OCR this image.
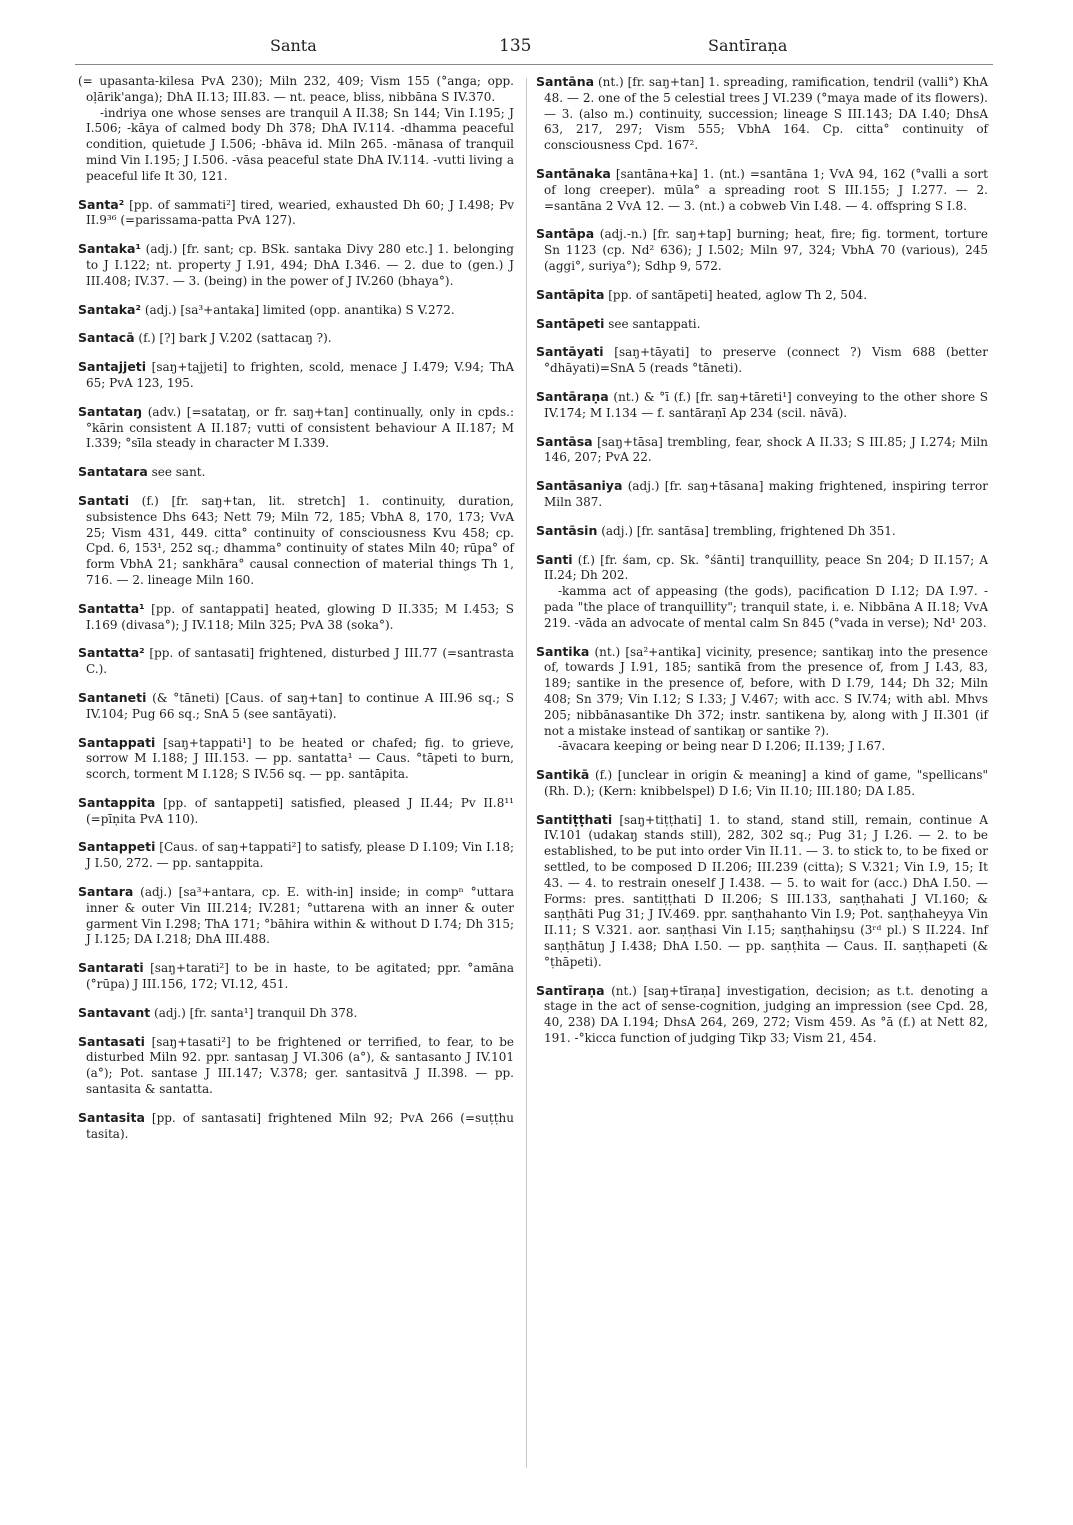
Santa	135	Santīraṇa

(= upasanta-kilesa PvA 230); Miln 232, 409; Vism 155 (°anga; opp. oḷārik'anga); DhA II.13; III.83. — nt. peace, bliss, nibbāna S IV.370.

-indriya one whose senses are tranquil A II.38; Sn 144; Vin I.195; J I.506; -kāya of calmed body Dh 378; DhA IV.114. -dhamma peaceful condition, quietude J I.506; -bhāva id. Miln 265. -mānasa of tranquil mind Vin I.195; J I.506. -vāsa peaceful state DhA IV.114. -vutti living a peaceful life It 30, 121.

Santa² [pp. of sammati²] tired, wearied, exhausted Dh 60; J I.498; Pv II.9³⁶ (=parissama-patta PvA 127).

Santaka¹ (adj.) [fr. sant; cp. BSk. santaka Divy 280 etc.] 1. belonging to J I.122; nt. property J I.91, 494; DhA I.346. — 2. due to (gen.) J III.408; IV.37. — 3. (being) in the power of J IV.260 (bhaya°).

Santaka² (adj.) [sa³+antaka] limited (opp. anantika) S V.272.

Santacā (f.) [?] bark J V.202 (sattacaŋ ?).

Santajjeti [saŋ+tajjeti] to frighten, scold, menace J I.479; V.94; ThA 65; PvA 123, 195.

Santataŋ (adv.) [=satataŋ, or fr. saŋ+tan] continually, only in cpds.: °kārin consistent A II.187; vutti of consistent behaviour A II.187; M I.339; °sīla steady in character M I.339.

Santatara see sant.

Santati (f.) [fr. saŋ+tan, lit. stretch] 1. continuity, duration, subsistence Dhs 643; Nett 79; Miln 72, 185; VbhA 8, 170, 173; VvA 25; Vism 431, 449. citta° continuity of consciousness Kvu 458; cp. Cpd. 6, 153¹, 252 sq.; dhamma° continuity of states Miln 40; rūpa° of form VbhA 21; sankhāra° causal connection of material things Th 1, 716. — 2. lineage Miln 160.

Santatta¹ [pp. of santappati] heated, glowing D II.335; M I.453; S I.169 (divasa°); J IV.118; Miln 325; PvA 38 (soka°).

Santatta² [pp. of santasati] frightened, disturbed J III.77 (=santrasta C.).

Santaneti (& °tāneti) [Caus. of saŋ+tan] to continue A III.96 sq.; S IV.104; Pug 66 sq.; SnA 5 (see santāyati).

Santappati [saŋ+tappati¹] to be heated or chafed; fig. to grieve, sorrow M I.188; J III.153. — pp. santatta¹ — Caus. °tāpeti to burn, scorch, torment M I.128; S IV.56 sq. — pp. santāpita.

Santappita [pp. of santappeti] satisfied, pleased J II.44; Pv II.8¹¹ (=pīṇita PvA 110).

Santappeti [Caus. of saŋ+tappati²] to satisfy, please D I.109; Vin I.18; J I.50, 272. — pp. santappita.

Santara (adj.) [sa³+antara, cp. E. with-in] inside; in compⁿ °uttara inner & outer Vin III.214; IV.281; °uttarena with an inner & outer garment Vin I.298; ThA 171; °bāhira within & without D I.74; Dh 315; J I.125; DA I.218; DhA III.488.

Santarati [saŋ+tarati²] to be in haste, to be agitated; ppr. °amāna (°rūpa) J III.156, 172; VI.12, 451.

Santavant (adj.) [fr. santa¹] tranquil Dh 378.

Santasati [saŋ+tasati²] to be frightened or terrified, to fear, to be disturbed Miln 92. ppr. santasaŋ J VI.306 (a°), & santasanto J IV.101 (a°); Pot. santase J III.147; V.378; ger. santasitvā J II.398. — pp. santasita & santatta.

Santasita [pp. of santasati] frightened Miln 92; PvA 266 (=suṭṭhu tasita).

Santāna (nt.) [fr. saŋ+tan] 1. spreading, ramification, tendril (valli°) KhA 48. — 2. one of the 5 celestial trees J VI.239 (°maya made of its flowers). — 3. (also m.) continuity, succession; lineage S III.143; DA I.40; DhsA 63, 217, 297; Vism 555; VbhA 164. Cp. citta° continuity of consciousness Cpd. 167².

Santānaka [santāna+ka] 1. (nt.) =santāna 1; VvA 94, 162 (°valli a sort of long creeper). mūla° a spreading root S III.155; J I.277. — 2. =santāna 2 VvA 12. — 3. (nt.) a cobweb Vin I.48. — 4. offspring S I.8.

Santāpa (adj.-n.) [fr. saŋ+tap] burning; heat, fire; fig. torment, torture Sn 1123 (cp. Nd² 636); J I.502; Miln 97, 324; VbhA 70 (various), 245 (aggi°, suriya°); Sdhp 9, 572.

Santāpita [pp. of santāpeti] heated, aglow Th 2, 504.

Santāpeti see santappati.

Santāyati [saŋ+tāyati] to preserve (connect ?) Vism 688 (better °dhāyati)=SnA 5 (reads °tāneti).

Santāraṇa (nt.) & °ī (f.) [fr. saŋ+tāreti¹] conveying to the other shore S IV.174; M I.134 — f. santāraṇī Ap 234 (scil. nāvā).

Santāsa [saŋ+tāsa] trembling, fear, shock A II.33; S III.85; J I.274; Miln 146, 207; PvA 22.

Santāsaniya (adj.) [fr. saŋ+tāsana] making frightened, inspiring terror Miln 387.

Santāsin (adj.) [fr. santāsa] trembling, frightened Dh 351.

Santi (f.) [fr. śam, cp. Sk. °śānti] tranquillity, peace Sn 204; D II.157; A II.24; Dh 202.

-kamma act of appeasing (the gods), pacification D I.12; DA I.97. -pada "the place of tranquillity"; tranquil state, i. e. Nibbāna A II.18; VvA 219. -vāda an advocate of mental calm Sn 845 (°vada in verse); Nd¹ 203.

Santika (nt.) [sa²+antika] vicinity, presence; santikaŋ into the presence of, towards J I.91, 185; santikā from the presence of, from J I.43, 83, 189; santike in the presence of, before, with D I.79, 144; Dh 32; Miln 408; Sn 379; Vin I.12; S I.33; J V.467; with acc. S IV.74; with abl. Mhvs 205; nibbānasantike Dh 372; instr. santikena by, along with J II.301 (if not a mistake instead of santikaŋ or santike ?).

-āvacara keeping or being near D I.206; II.139; J I.67.

Santikā (f.) [unclear in origin & meaning] a kind of game, "spellicans" (Rh. D.); (Kern: knibbelspel) D I.6; Vin II.10; III.180; DA I.85.

Santiṭṭhati [saŋ+tiṭṭhati] 1. to stand, stand still, remain, continue A IV.101 (udakaŋ stands still), 282, 302 sq.; Pug 31; J I.26. — 2. to be established, to be put into order Vin II.11. — 3. to stick to, to be fixed or settled, to be composed D II.206; III.239 (citta); S V.321; Vin I.9, 15; It 43. — 4. to restrain oneself J I.438. — 5. to wait for (acc.) DhA I.50. — Forms: pres. santiṭṭhati D II.206; S III.133, saṇṭhahati J VI.160; & saṇṭhāti Pug 31; J IV.469. ppr. saṇṭhahanto Vin I.9; Pot. saṇṭhaheyya Vin II.11; S V.321. aor. saṇṭhasi Vin I.15; saṇṭhahiŋsu (3ʳᵈ pl.) S II.224. Inf saṇṭhātuŋ J I.438; DhA I.50. — pp. saṇṭhita — Caus. II. saṇṭhapeti (& °ṭhāpeti).

Santīraṇa (nt.) [saŋ+tīraṇa] investigation, decision; as t.t. denoting a stage in the act of sense-cognition, judging an impression (see Cpd. 28, 40, 238) DA I.194; DhsA 264, 269, 272; Vism 459. As °ā (f.) at Nett 82, 191. -°kicca function of judging Tikp 33; Vism 21, 454.
